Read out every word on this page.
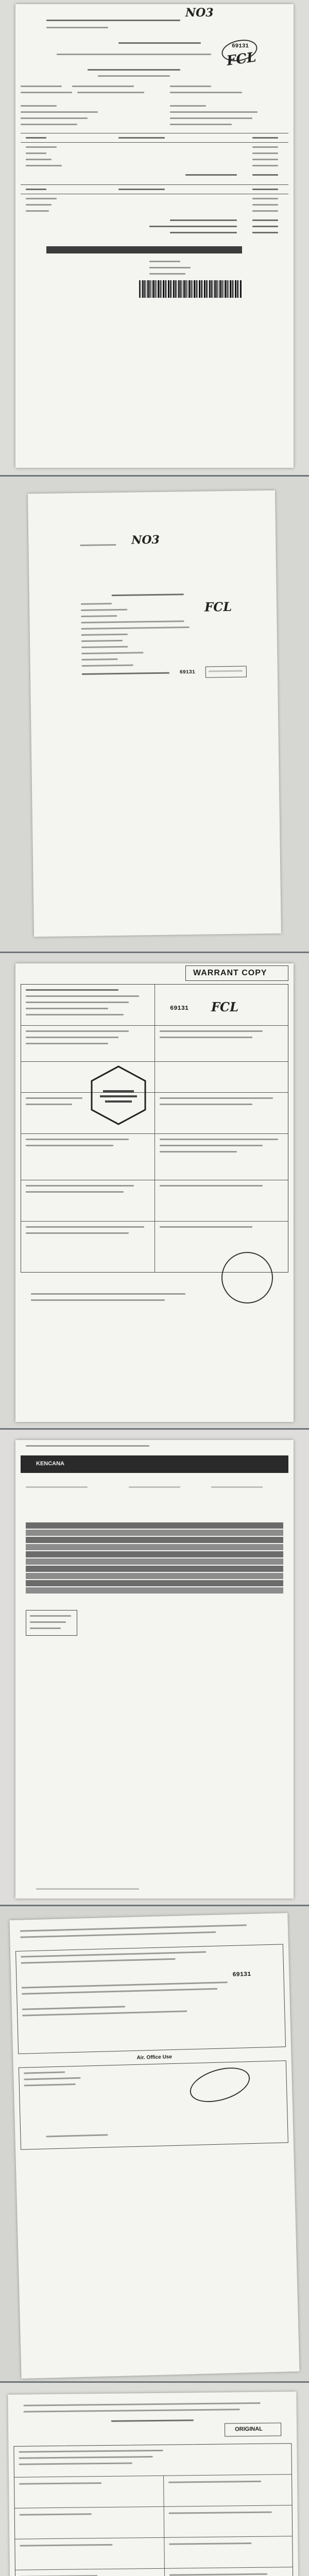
NO3
69131
FCL
NO3
FCL
69131
WARRANT COPY
69131 FCL
KENCANA
69131
Air. Office Use
ORIGINAL
